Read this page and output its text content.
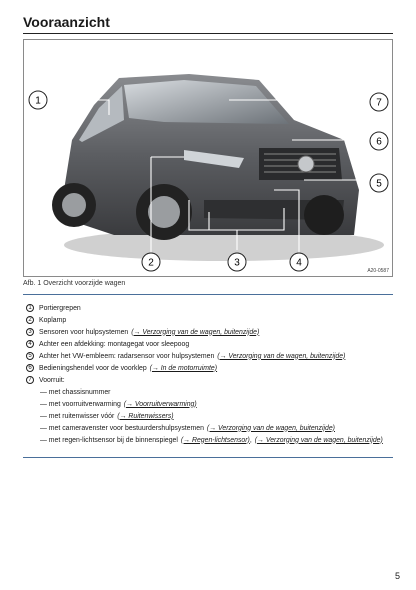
Vooraanzicht
1	7
6
5
2	3	4
A20-0587
Afb. 1 Overzicht voorzijde wagen
1	Portiergrepen
2	Koplamp
3	Sensoren voor hulpsystemen (→ Verzorging van de wagen, buitenzijde)
4	Achter een afdekking: montagegat voor sleepoog
5	Achter het VW-embleem: radarsensor voor hulpsystemen (→ Verzorging van de wagen, buitenzijde)
6	Bedieningshendel voor de voorklep (→ In de motorruimte)
7	Voorruit:
— met chassisnummer
— met voorruitverwarming (→ Voorruitverwarming)
— met ruitenwisser vóór (→ Ruitenwissers)
— met cameravenster voor bestuurdershulpsystemen (→ Verzorging van de wagen, buitenzijde)
— met regen-lichtsensor bij de binnenspiegel (→ Regen-lichtsensor) , (→ Verzorging van de wagen, buitenzijde)
5
